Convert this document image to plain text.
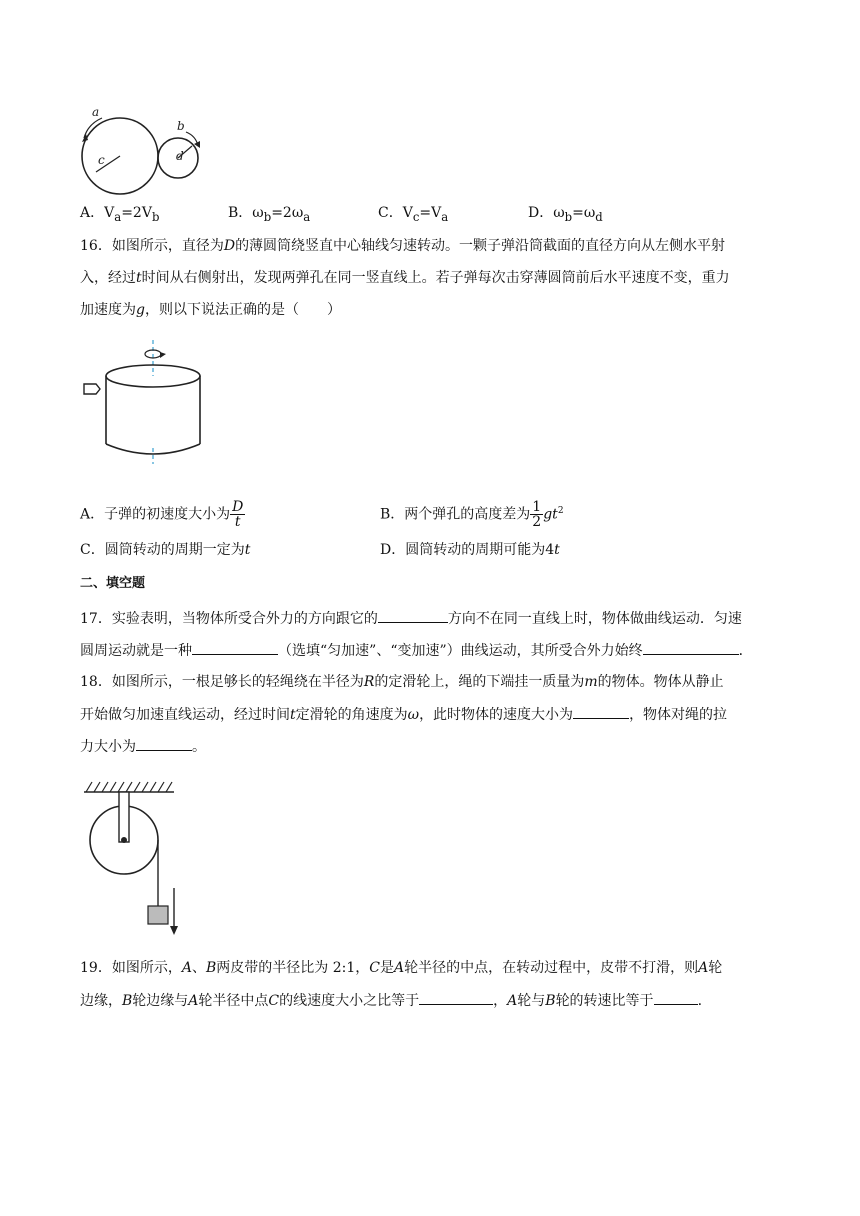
a
b
c	d
A．$V_a=2V_b$	B．$\omega_b=2\omega_a$	C．$V_c=V_a$	D．$\omega_b=\omega_d$
16．如图所示，直径为D的薄圆筒绕竖直中心轴线匀速转动。一颗子弹沿筒截面的直径方向从左侧水平射
入，经过t时间从右侧射出，发现两弹孔在同一竖直线上。若子弹每次击穿薄圆筒前后水平速度不变，重力
加速度为g，则以下说法正确的是（　　）
A．子弹的初速度大小为 $\frac{D}{t}$	B．两个弹孔的高度差为 $\frac{1}{2} gt^2$
C．圆筒转动的周期一定为t	D．圆筒转动的周期可能为4t
二、填空题
17．实验表明，当物体所受合外力的方向跟它的	方向不在同一直线上时，物体做曲线运动．匀速
圆周运动就是一种	（选填“匀加速”、“变加速”）曲线运动，其所受合外力始终	．
18．如图所示，一根足够长的轻绳绕在半径为R的定滑轮上，绳的下端挂一质量为m的物体。物体从静止
开始做匀加速直线运动，经过时间t定滑轮的角速度为ω，此时物体的速度大小为	，物体对绳的拉
力大小为	。
19．如图所示，A、B两皮带的半径比为 2:1，C是A轮半径的中点，在转动过程中，皮带不打滑，则A轮
边缘，B轮边缘与A轮半径中点C的线速度大小之比等于	，A轮与B轮的转速比等于	.
